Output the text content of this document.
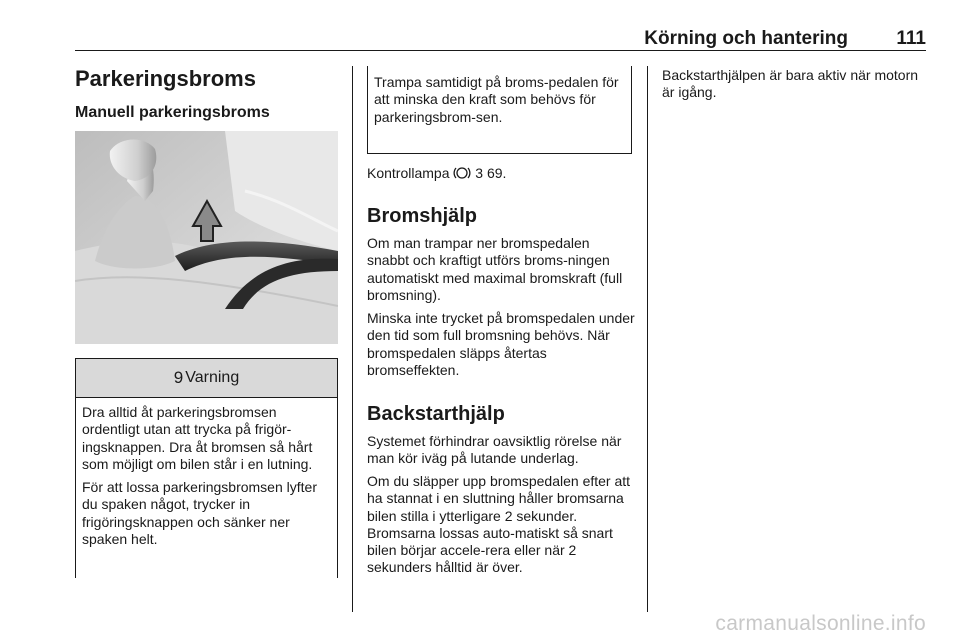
Körning och hantering	111
Parkeringsbroms
Manuell parkeringsbroms
9 Varning

Dra alltid åt parkeringsbromsen ordentligt utan att trycka på frigör-ingsknappen. Dra åt bromsen så hårt som möjligt om bilen står i en lutning.

För att lossa parkeringsbromsen lyfter du spaken något, trycker in frigöringsknappen och sänker ner spaken helt.

Trampa samtidigt på broms-pedalen för att minska den kraft som behövs för parkeringsbrom-sen.

Kontrollampa 3 69.

Bromshjälp

Om man trampar ner bromspedalen snabbt och kraftigt utförs broms-ningen automatiskt med maximal bromskraft (full bromsning).

Minska inte trycket på bromspedalen under den tid som full bromsning behövs. När bromspedalen släpps återtas bromseffekten.

Backstarthjälp

Systemet förhindrar oavsiktlig rörelse när man kör iväg på lutande underlag.

Om du släpper upp bromspedalen efter att ha stannat i en sluttning håller bromsarna bilen stilla i ytterligare 2 sekunder. Bromsarna lossas auto-matiskt så snart bilen börjar accele-rera eller när 2 sekunders hålltid är över.

Backstarthjälpen är bara aktiv när motorn är igång.

carmanualsonline.info
